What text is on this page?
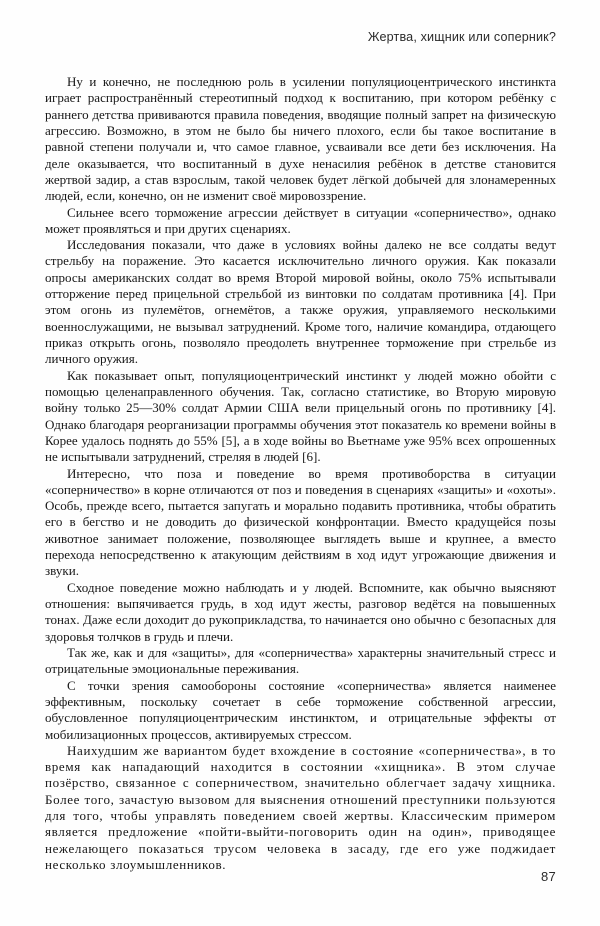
Жертва, хищник или соперник?

Ну и конечно, не последнюю роль в усилении популяциоцентрического инстинкта играет распространённый стереотипный подход к воспитанию, при котором ребёнку с раннего детства прививаются правила поведения, вводящие полный запрет на физическую агрессию. Возможно, в этом не было бы ничего плохого, если бы такое воспитание в равной степени получали и, что самое главное, усваивали все дети без исключения. На деле оказывается, что воспитанный в духе ненасилия ребёнок в детстве становится жертвой задир, а став взрослым, такой человек будет лёгкой добычей для злонамеренных людей, если, конечно, он не изменит своё мировоззрение.

Сильнее всего торможение агрессии действует в ситуации «соперничество», однако может проявляться и при других сценариях.

Исследования показали, что даже в условиях войны далеко не все солдаты ведут стрельбу на поражение. Это касается исключительно личного оружия. Как показали опросы американских солдат во время Второй мировой войны, около 75% испытывали отторжение перед прицельной стрельбой из винтовки по солдатам противника [4]. При этом огонь из пулемётов, огнемётов, а также оружия, управляемого несколькими военнослужащими, не вызывал затруднений. Кроме того, наличие командира, отдающего приказ открыть огонь, позволяло преодолеть внутреннее торможение при стрельбе из личного оружия.

Как показывает опыт, популяциоцентрический инстинкт у людей можно обойти с помощью целенаправленного обучения. Так, согласно статистике, во Вторую мировую войну только 25—30% солдат Армии США вели прицельный огонь по противнику [4]. Однако благодаря реорганизации программы обучения этот показатель ко времени войны в Корее удалось поднять до 55% [5], а в ходе войны во Вьетнаме уже 95% всех опрошенных не испытывали затруднений, стреляя в людей [6].

Интересно, что поза и поведение во время противоборства в ситуации «соперничество» в корне отличаются от поз и поведения в сценариях «защиты» и «охоты». Особь, прежде всего, пытается запугать и морально подавить противника, чтобы обратить его в бегство и не доводить до физической конфронтации. Вместо крадущейся позы животное занимает положение, позволяющее выглядеть выше и крупнее, а вместо перехода непосредственно к атакующим действиям в ход идут угрожающие движения и звуки.

Сходное поведение можно наблюдать и у людей. Вспомните, как обычно выясняют отношения: выпячивается грудь, в ход идут жесты, разговор ведётся на повышенных тонах. Даже если доходит до рукоприкладства, то начинается оно обычно с безопасных для здоровья толчков в грудь и плечи.

Так же, как и для «защиты», для «соперничества» характерны значительный стресс и отрицательные эмоциональные переживания.

С точки зрения самообороны состояние «соперничества» является наименее эффективным, поскольку сочетает в себе торможение собственной агрессии, обусловленное популяциоцентрическим инстинктом, и отрицательные эффекты от мобилизационных процессов, активируемых стрессом.

Наихудшим же вариантом будет вхождение в состояние «соперничества», в то время как нападающий находится в состоянии «хищника». В этом случае позёрство, связанное с соперничеством, значительно облегчает задачу хищника. Более того, зачастую вызовом для выяснения отношений преступники пользуются для того, чтобы управлять поведением своей жертвы. Классическим примером является предложение «пойти-выйти-поговорить один на один», приводящее нежелающего показаться трусом человека в засаду, где его уже поджидает несколько злоумышленников.

87
